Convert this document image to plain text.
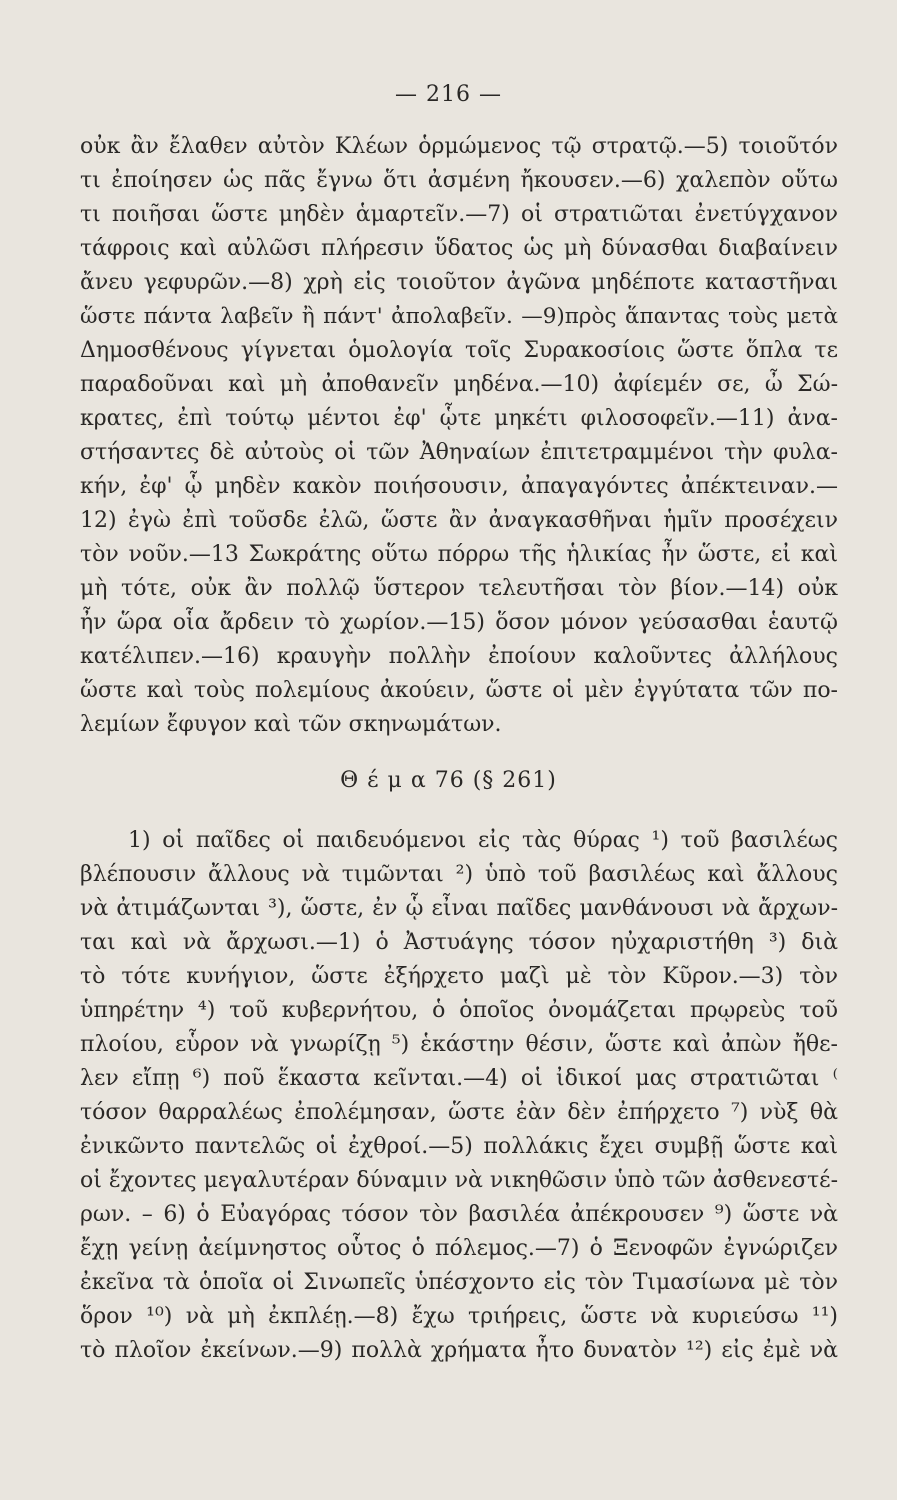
— 216 —
οὐκ ἂν ἔλαθεν αὐτὸν Κλέων ὁρμώμενος τῷ στρατῷ.—5) τοιοῦτόν
τι ἐποίησεν ὡς πᾶς ἔγνω ὅτι ἀσμένη ἤκουσεν.—6) χαλεπὸν οὕτω
τι ποιῆσαι ὥστε μηδὲν ἁμαρτεῖν.—7) οἱ στρατιῶται ἐνετύγχανον
τάφροις καὶ αὐλῶσι πλήρεσιν ὕδατος ὡς μὴ δύνασθαι διαβαίνειν
ἄνευ γεφυρῶν.—8) χρὴ εἰς τοιοῦτον ἀγῶνα μηδέποτε καταστῆναι
ὥστε πάντα λαβεῖν ἢ πάντ' ἀπολαβεῖν. —9)πρὸς ἅπαντας τοὺς μετὰ
Δημοσθένους γίγνεται ὁμολογία τοῖς Συρακοσίοις ὥστε ὅπλα τε
παραδοῦναι καὶ μὴ ἀποθανεῖν μηδένα.—10) ἀφίεμέν σε, ὦ Σώ-
κρατες, ἐπὶ τούτῳ μέντοι ἐφ' ᾧτε μηκέτι φιλοσοφεῖν.—11) ἀνα-
στήσαντες δὲ αὐτοὺς οἱ τῶν Ἀθηναίων ἐπιτετραμμένοι τὴν φυλα-
κήν, ἐφ' ᾧ μηδὲν κακὸν ποιήσουσιν, ἀπαγαγόντες ἀπέκτειναν.—
12) ἐγὼ ἐπὶ τοῦσδε ἐλῶ, ὥστε ἂν ἀναγκασθῆναι ἡμῖν προσέχειν
τὸν νοῦν.—13 Σωκράτης οὕτω πόρρω τῆς ἡλικίας ἦν ὥστε, εἰ καὶ
μὴ τότε, οὐκ ἂν πολλῷ ὕστερον τελευτῆσαι τὸν βίον.—14) οὐκ
ἦν ὥρα οἷα ἄρδειν τὸ χωρίον.—15) ὅσον μόνον γεύσασθαι ἑαυτῷ
κατέλιπεν.—16) κραυγὴν πολλὴν ἐποίουν καλοῦντες ἀλλήλους
ὥστε καὶ τοὺς πολεμίους ἀκούειν, ὥστε οἱ μὲν ἐγγύτατα τῶν πο-
λεμίων ἔφυγον καὶ τῶν σκηνωμάτων.
Θ έ μ α 76 (§ 261)
1) οἱ παῖδες οἱ παιδευόμενοι εἰς τὰς θύρας ¹) τοῦ βασιλέως
βλέπουσιν ἄλλους νὰ τιμῶνται ²) ὑπὸ τοῦ βασιλέως καὶ ἄλλους
νὰ ἀτιμάζωνται ³), ὥστε, ἐν ᾧ εἶναι παῖδες μανθάνουσι νὰ ἄρχων-
ται καὶ νὰ ἄρχωσι.—1) ὁ Ἀστυάγης τόσον ηὐχαριστήθη ³) διὰ
τὸ τότε κυνήγιον, ὥστε ἐξήρχετο μαζὶ μὲ τὸν Κῦρον.—3) τὸν
ὑπηρέτην ⁴) τοῦ κυβερνήτου, ὁ ὁποῖος ὀνομάζεται πρῳρεὺς τοῦ
πλοίου, εὗρον νὰ γνωρίζῃ ⁵) ἑκάστην θέσιν, ὥστε καὶ ἀπὼν ἤθε-
λεν εἴπῃ ⁶) ποῦ ἕκαστα κεῖνται.—4) οἱ ἰδικοί μας στρατιῶται ⁽
τόσον θαρραλέως ἐπολέμησαν, ὥστε ἐὰν δὲν ἐπήρχετο ⁷) νὺξ θὰ
ἐνικῶντο παντελῶς οἱ ἐχθροί.—5) πολλάκις ἔχει συμβῇ ὥστε καὶ
οἱ ἔχοντες μεγαλυτέραν δύναμιν νὰ νικηθῶσιν ὑπὸ τῶν ἀσθενεστέ-
ρων. – 6) ὁ Εὐαγόρας τόσον τὸν βασιλέα ἀπέκρουσεν ⁹) ὥστε νὰ
ἔχῃ γείνῃ ἀείμνηστος οὗτος ὁ πόλεμος.—7) ὁ Ξενοφῶν ἐγνώριζεν
ἐκεῖνα τὰ ὁποῖα οἱ Σινωπεῖς ὑπέσχοντο εἰς τὸν Τιμασίωνα μὲ τὸν
ὅρον ¹⁰) νὰ μὴ ἐκπλέῃ.—8) ἔχω τριήρεις, ὥστε νὰ κυριεύσω ¹¹)
τὸ πλοῖον ἐκείνων.—9) πολλὰ χρήματα ἦτο δυνατὸν ¹²) εἰς ἐμὲ νὰ
